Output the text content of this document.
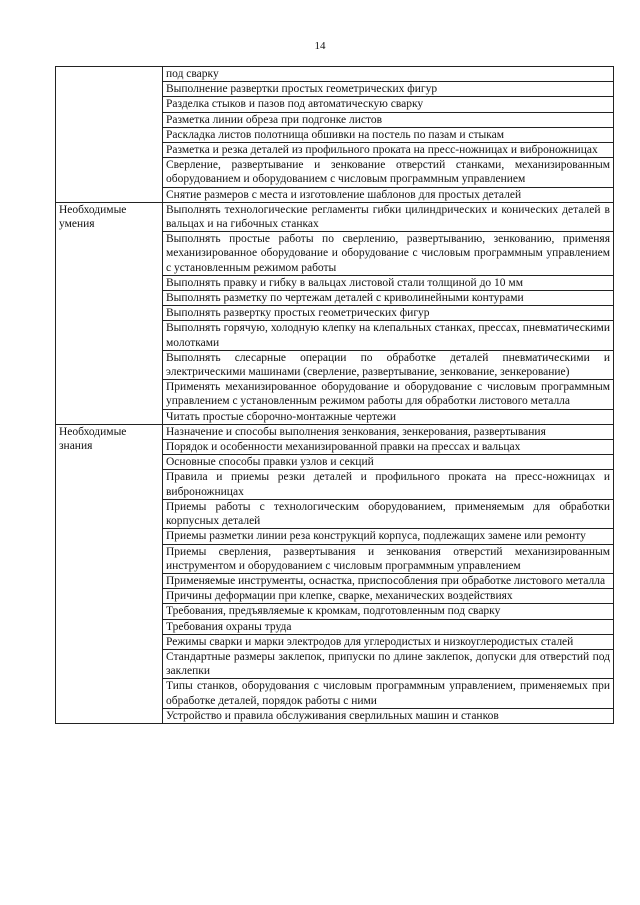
14
	под сварку
	Выполнение развертки простых геометрических фигур
	Разделка стыков и пазов под автоматическую сварку
	Разметка линии обреза при подгонке листов
	Раскладка листов полотнища обшивки на постель по пазам и стыкам
	Разметка и резка деталей из профильного проката на пресс-ножницах и виброножницах
	Сверление, развертывание и зенкование отверстий станками, механизированным оборудованием и оборудованием с числовым программным управлением
	Снятие размеров с места и изготовление шаблонов для простых деталей
Необходимые умения	Выполнять технологические регламенты гибки цилиндрических и конических деталей в вальцах и на гибочных станках
	Выполнять простые работы по сверлению, развертыванию, зенкованию, применяя механизированное оборудование и оборудование с числовым программным управлением с установленным режимом работы
	Выполнять правку и гибку в вальцах листовой стали толщиной до 10 мм
	Выполнять разметку по чертежам деталей с криволинейными контурами
	Выполнять развертку простых геометрических фигур
	Выполнять горячую, холодную клепку на клепальных станках, прессах, пневматическими молотками
	Выполнять слесарные операции по обработке деталей пневматическими и электрическими машинами (сверление, развертывание, зенкование, зенкерование)
	Применять механизированное оборудование и оборудование с числовым программным управлением с установленным режимом работы для обработки листового металла
	Читать простые сборочно-монтажные чертежи
Необходимые знания	Назначение и способы выполнения зенкования, зенкерования, развертывания
	Порядок и особенности механизированной правки на прессах и вальцах
	Основные способы правки узлов и секций
	Правила и приемы резки деталей и профильного проката на пресс-ножницах и виброножницах
	Приемы работы с технологическим оборудованием, применяемым для обработки корпусных деталей
	Приемы разметки линии реза конструкций корпуса, подлежащих замене или ремонту
	Приемы сверления, развертывания и зенкования отверстий механизированным инструментом и оборудованием с числовым программным управлением
	Применяемые инструменты, оснастка, приспособления при обработке листового металла
	Причины деформации при клепке, сварке, механических воздействиях
	Требования, предъявляемые к кромкам, подготовленным под сварку
	Требования охраны труда
	Режимы сварки и марки электродов для углеродистых и низкоуглеродистых сталей
	Стандартные размеры заклепок, припуски по длине заклепок, допуски для отверстий под заклепки
	Типы станков, оборудования с числовым программным управлением, применяемых при обработке деталей, порядок работы с ними
	Устройство и правила обслуживания сверлильных машин и станков
